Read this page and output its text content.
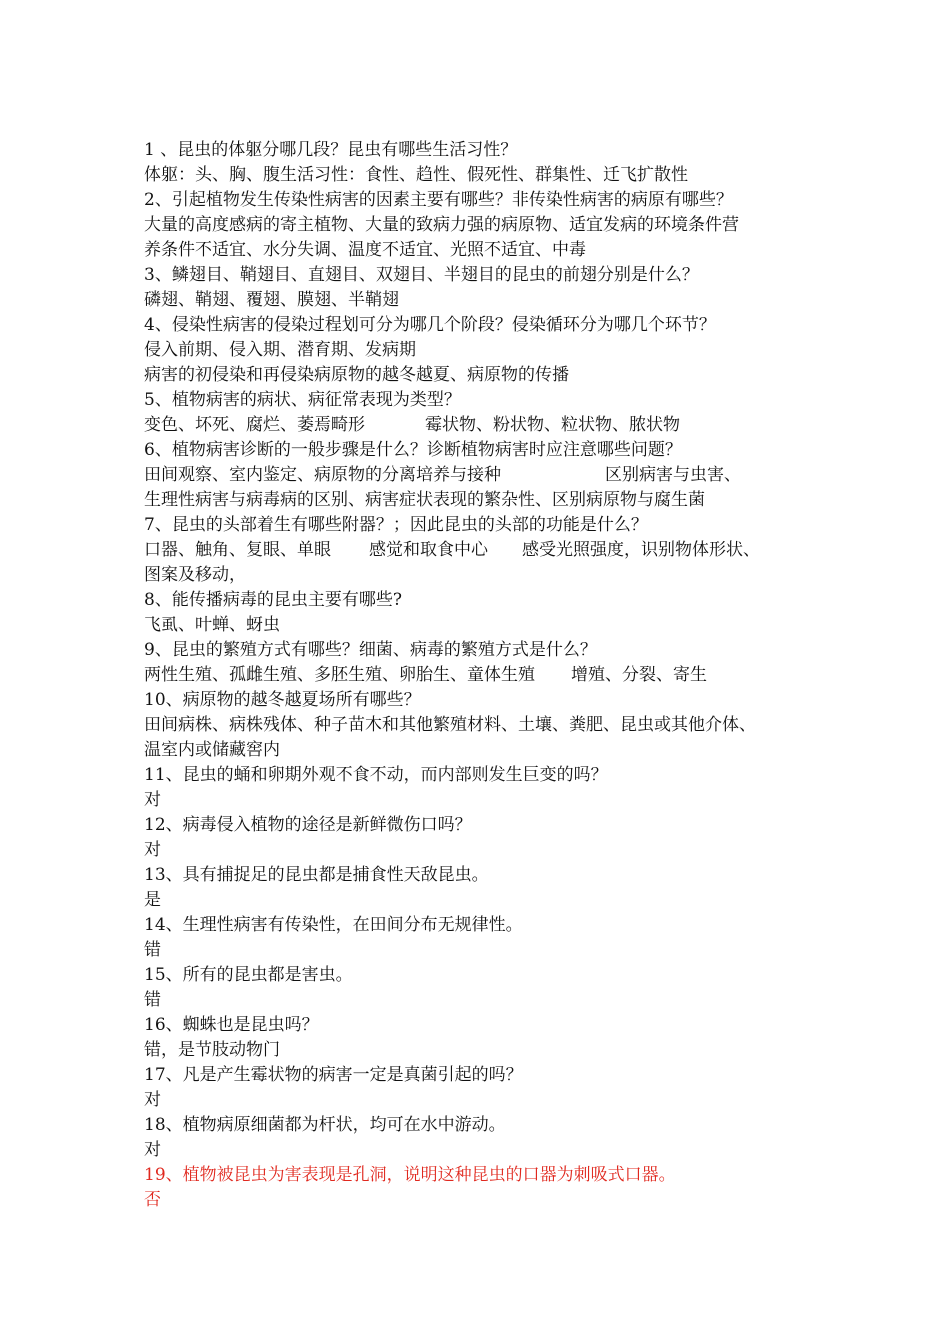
1 、昆虫的体躯分哪几段？昆虫有哪些生活习性？
体躯：头、胸、腹生活习性：食性、趋性、假死性、群集性、迁飞扩散性
2、引起植物发生传染性病害的因素主要有哪些？非传染性病害的病原有哪些？
大量的高度感病的寄主植物、大量的致病力强的病原物、适宜发病的环境条件营
养条件不适宜、水分失调、温度不适宜、光照不适宜、中毒
3、鳞翅目、鞘翅目、直翅目、双翅目、半翅目的昆虫的前翅分别是什么？
磷翅、鞘翅、覆翅、膜翅、半鞘翅
4、侵染性病害的侵染过程划可分为哪几个阶段？侵染循环分为哪几个环节？
侵入前期、侵入期、潜育期、发病期
病害的初侵染和再侵染病原物的越冬越夏、病原物的传播
5、植物病害的病状、病征常表现为类型？
变色、坏死、腐烂、萎焉畸形	霉状物、粉状物、粒状物、脓状物
6、植物病害诊断的一般步骤是什么？诊断植物病害时应注意哪些问题？
田间观察、室内鉴定、病原物的分离培养与接种	区别病害与虫害、
生理性病害与病毒病的区别、病害症状表现的繁杂性、区别病原物与腐生菌
7、昆虫的头部着生有哪些附器？；因此昆虫的头部的功能是什么？
口器、触角、复眼、单眼 感觉和取食中心 感受光照强度，识别物体形状、
图案及移动，
8、能传播病毒的昆虫主要有哪些?
飞虱、叶蝉、蚜虫
9、昆虫的繁殖方式有哪些？细菌、病毒的繁殖方式是什么？
两性生殖、孤雌生殖、多胚生殖、卵胎生、童体生殖 增殖、分裂、寄生
10、病原物的越冬越夏场所有哪些？
田间病株、病株残体、种子苗木和其他繁殖材料、土壤、粪肥、昆虫或其他介体、
温室内或储藏窖内
11、昆虫的蛹和卵期外观不食不动，而内部则发生巨变的吗？
对
12、病毒侵入植物的途径是新鲜微伤口吗？
对
13、具有捕捉足的昆虫都是捕食性天敌昆虫。
是
14、生理性病害有传染性，在田间分布无规律性。
错
15、所有的昆虫都是害虫。
错
16、蜘蛛也是昆虫吗？
错，是节肢动物门
17、凡是产生霉状物的病害一定是真菌引起的吗？
对
18、植物病原细菌都为杆状，均可在水中游动。
对
19、植物被昆虫为害表现是孔洞，说明这种昆虫的口器为刺吸式口器。
否
